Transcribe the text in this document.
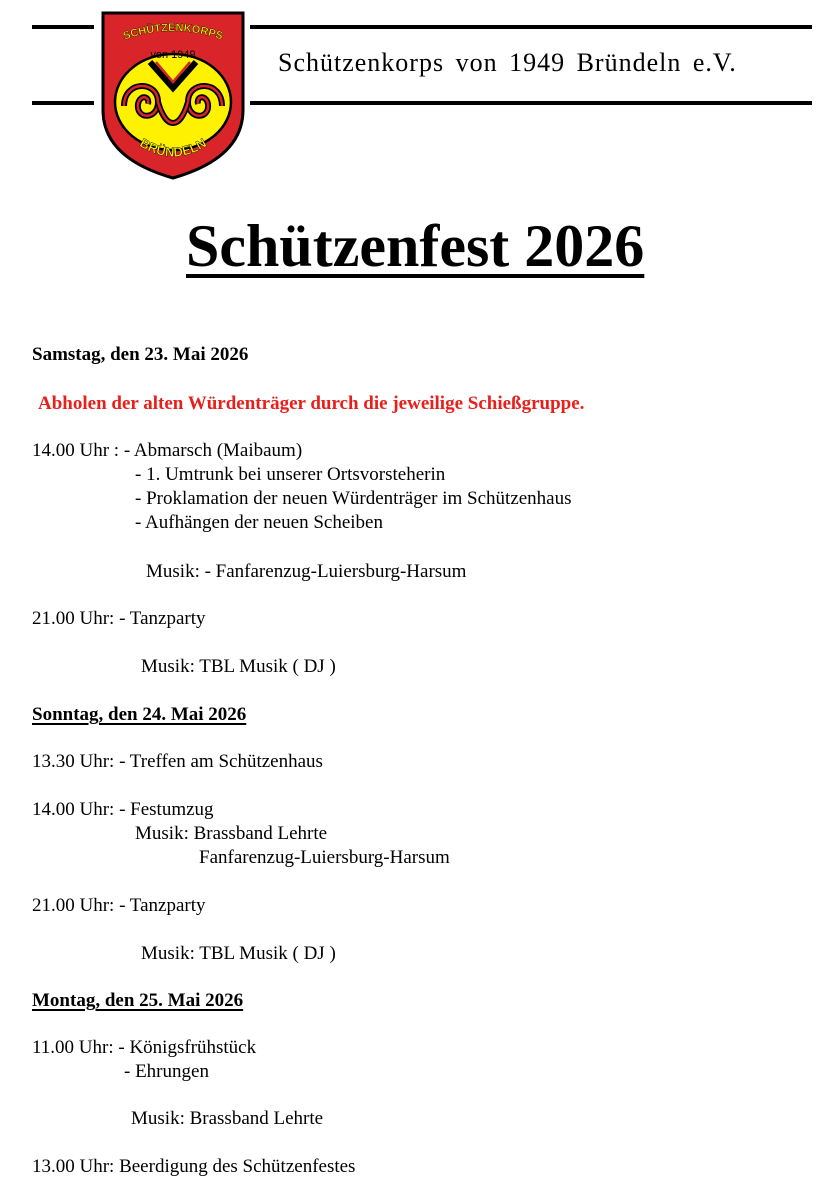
SCHÜTZENKORPS
von 1949
BRÜNDELN
Schützenkorps von 1949 Bründeln e.V.
Schützenfest 2026
Samstag, den 23. Mai 2026
Abholen der alten Würdenträger durch die jeweilige Schießgruppe.
14.00 Uhr : - Abmarsch (Maibaum)
- 1. Umtrunk bei unserer Ortsvorsteherin
- Proklamation der neuen Würdenträger im Schützenhaus
- Aufhängen der neuen Scheiben
Musik: - Fanfarenzug-Luiersburg-Harsum
21.00 Uhr: - Tanzparty
Musik: TBL Musik ( DJ )
Sonntag, den 24. Mai 2026
13.30 Uhr: - Treffen am Schützenhaus
14.00 Uhr: - Festumzug
Musik: Brassband Lehrte
Fanfarenzug-Luiersburg-Harsum
21.00 Uhr: - Tanzparty
Musik: TBL Musik ( DJ )
Montag, den 25. Mai 2026
11.00 Uhr: - Königsfrühstück
- Ehrungen
Musik: Brassband Lehrte
13.00 Uhr: Beerdigung des Schützenfestes
